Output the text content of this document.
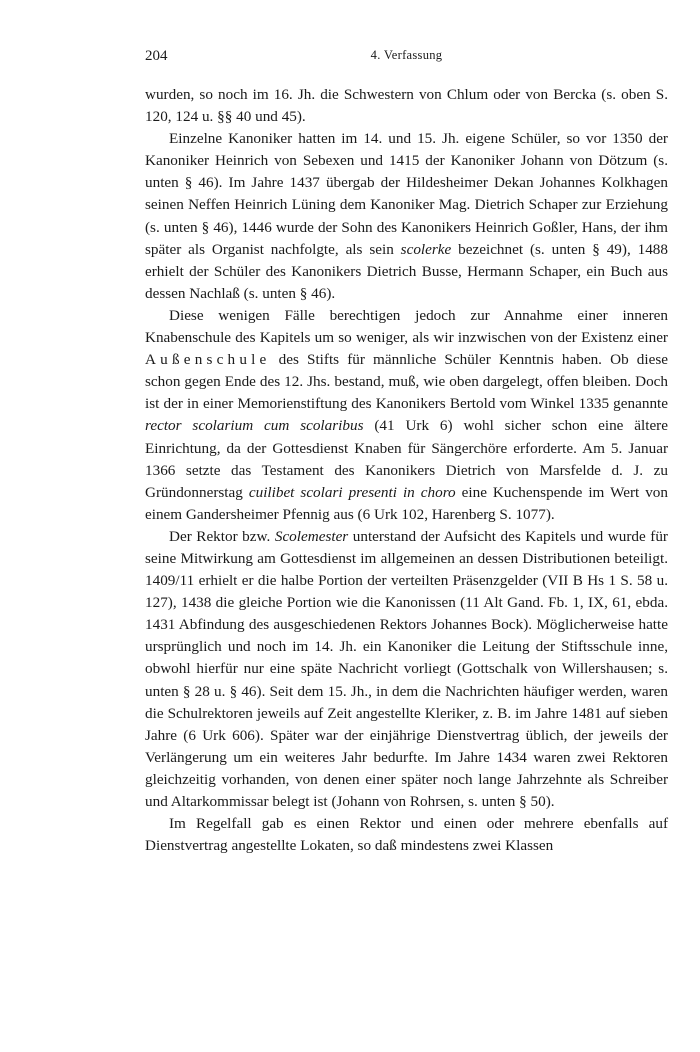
204	4. Verfassung

wurden, so noch im 16. Jh. die Schwestern von Chlum oder von Bercka (s. oben S. 120, 124 u. §§ 40 und 45).

Einzelne Kanoniker hatten im 14. und 15. Jh. eigene Schüler, so vor 1350 der Kanoniker Heinrich von Sebexen und 1415 der Kanoniker Johann von Dötzum (s. unten § 46). Im Jahre 1437 übergab der Hildesheimer Dekan Johannes Kolkhagen seinen Neffen Heinrich Lüning dem Kanoniker Mag. Dietrich Schaper zur Erziehung (s. unten § 46), 1446 wurde der Sohn des Kanonikers Heinrich Goßler, Hans, der ihm später als Organist nachfolgte, als sein scolerke bezeichnet (s. unten § 49), 1488 erhielt der Schüler des Kanonikers Dietrich Busse, Hermann Schaper, ein Buch aus dessen Nachlaß (s. unten § 46).

Diese wenigen Fälle berechtigen jedoch zur Annahme einer inneren Knabenschule des Kapitels um so weniger, als wir inzwischen von der Existenz einer Außenschule des Stifts für männliche Schüler Kenntnis haben. Ob diese schon gegen Ende des 12. Jhs. bestand, muß, wie oben dargelegt, offen bleiben. Doch ist der in einer Memorienstiftung des Kanonikers Bertold vom Winkel 1335 genannte rector scolarium cum scolaribus (41 Urk 6) wohl sicher schon eine ältere Einrichtung, da der Gottesdienst Knaben für Sängerchöre erforderte. Am 5. Januar 1366 setzte das Testament des Kanonikers Dietrich von Marsfelde d. J. zu Gründonnerstag cuilibet scolari presenti in choro eine Kuchenspende im Wert von einem Gandersheimer Pfennig aus (6 Urk 102, Harenberg S. 1077).

Der Rektor bzw. Scolemester unterstand der Aufsicht des Kapitels und wurde für seine Mitwirkung am Gottesdienst im allgemeinen an dessen Distributionen beteiligt. 1409/11 erhielt er die halbe Portion der verteilten Präsenzgelder (VII B Hs 1 S. 58 u. 127), 1438 die gleiche Portion wie die Kanonissen (11 Alt Gand. Fb. 1, IX, 61, ebda. 1431 Abfindung des ausgeschiedenen Rektors Johannes Bock). Möglicherweise hatte ursprünglich und noch im 14. Jh. ein Kanoniker die Leitung der Stiftsschule inne, obwohl hierfür nur eine späte Nachricht vorliegt (Gottschalk von Willershausen; s. unten § 28 u. § 46). Seit dem 15. Jh., in dem die Nachrichten häufiger werden, waren die Schulrektoren jeweils auf Zeit angestellte Kleriker, z. B. im Jahre 1481 auf sieben Jahre (6 Urk 606). Später war der einjährige Dienstvertrag üblich, der jeweils der Verlängerung um ein weiteres Jahr bedurfte. Im Jahre 1434 waren zwei Rektoren gleichzeitig vorhanden, von denen einer später noch lange Jahrzehnte als Schreiber und Altarkommissar belegt ist (Johann von Rohrsen, s. unten § 50).

Im Regelfall gab es einen Rektor und einen oder mehrere ebenfalls auf Dienstvertrag angestellte Lokaten, so daß mindestens zwei Klassen
